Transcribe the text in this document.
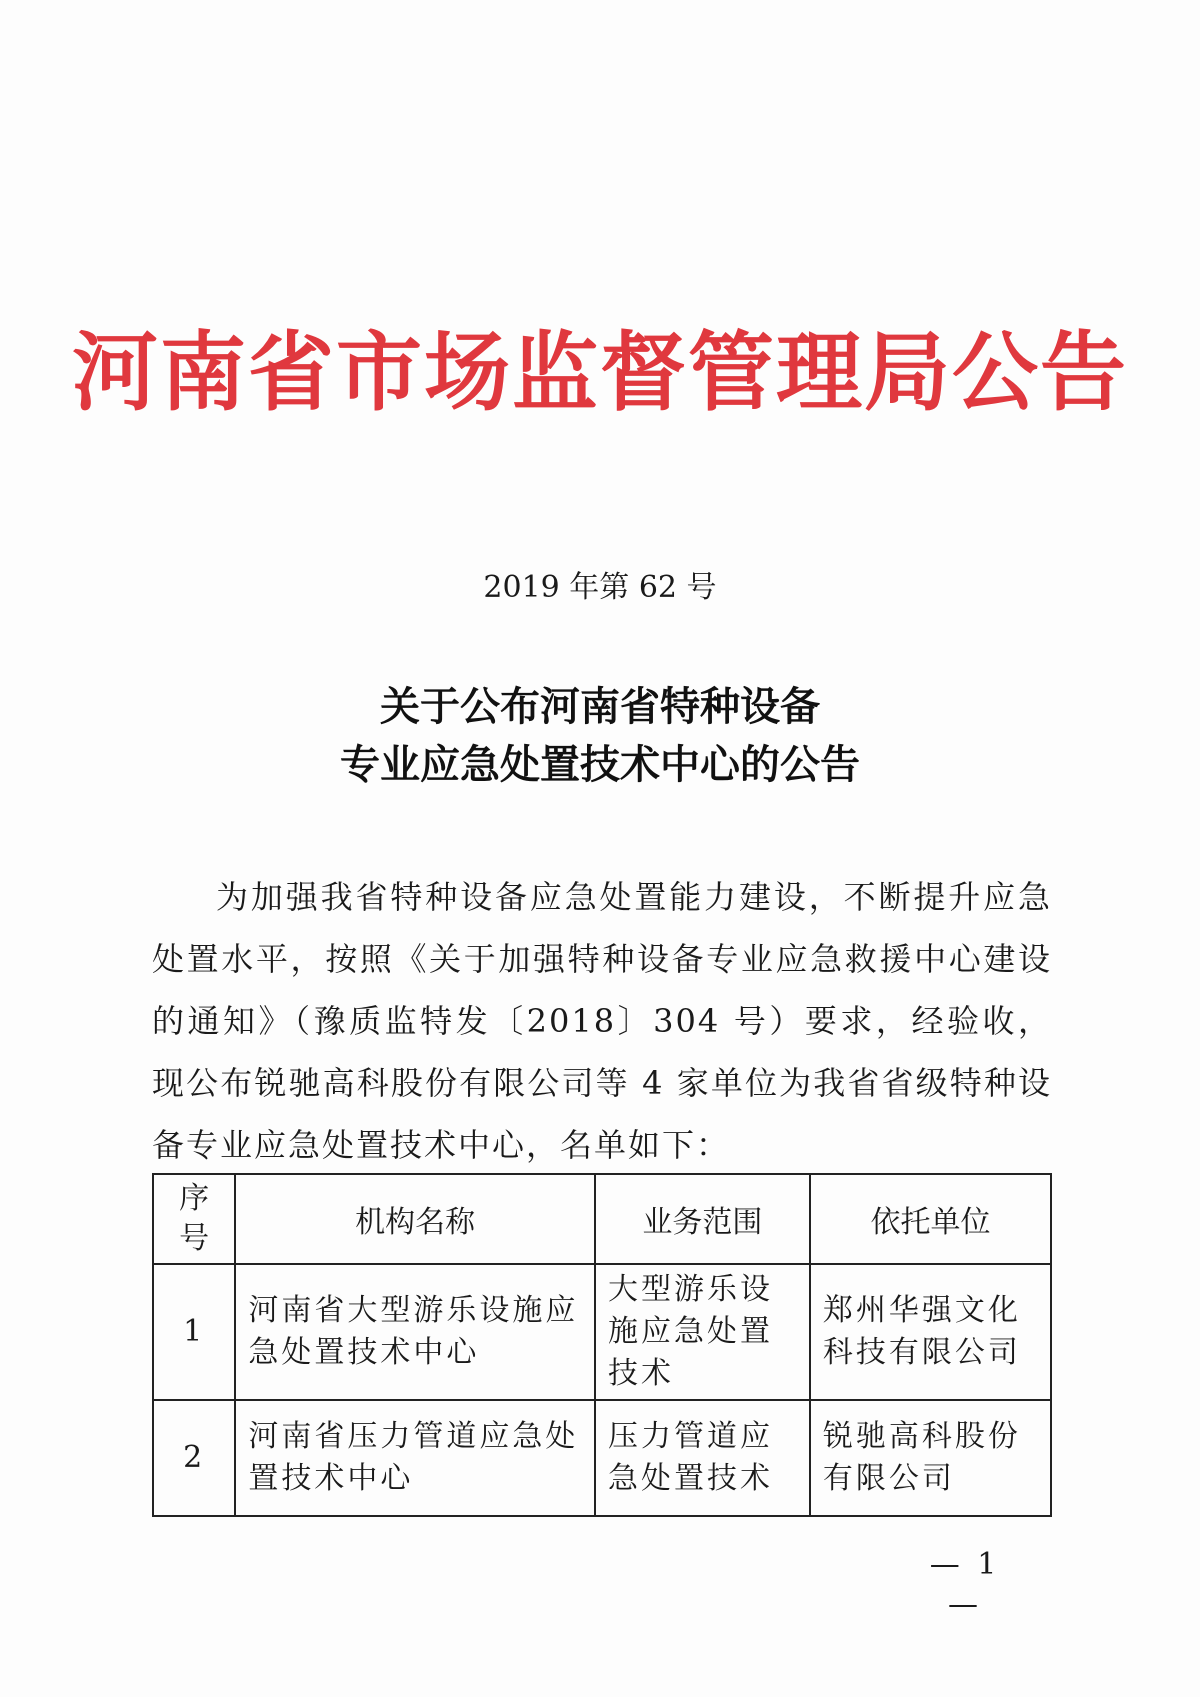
河南省市场监督管理局公告
2019 年第 62 号
关于公布河南省特种设备
专业应急处置技术中心的公告

为加强我省特种设备应急处置能力建设，不断提升应急处置水平，按照《关于加强特种设备专业应急救援中心建设的通知》（豫质监特发〔2018〕304 号）要求，经验收，现公布锐驰高科股份有限公司等 4 家单位为我省省级特种设备专业应急处置技术中心，名单如下：

序号	机构名称	业务范围	依托单位
1	河南省大型游乐设施应急处置技术中心	大型游乐设施应急处置技术	郑州华强文化科技有限公司
2	河南省压力管道应急处置技术中心	压力管道应急处置技术	锐驰高科股份有限公司
— 1 —
